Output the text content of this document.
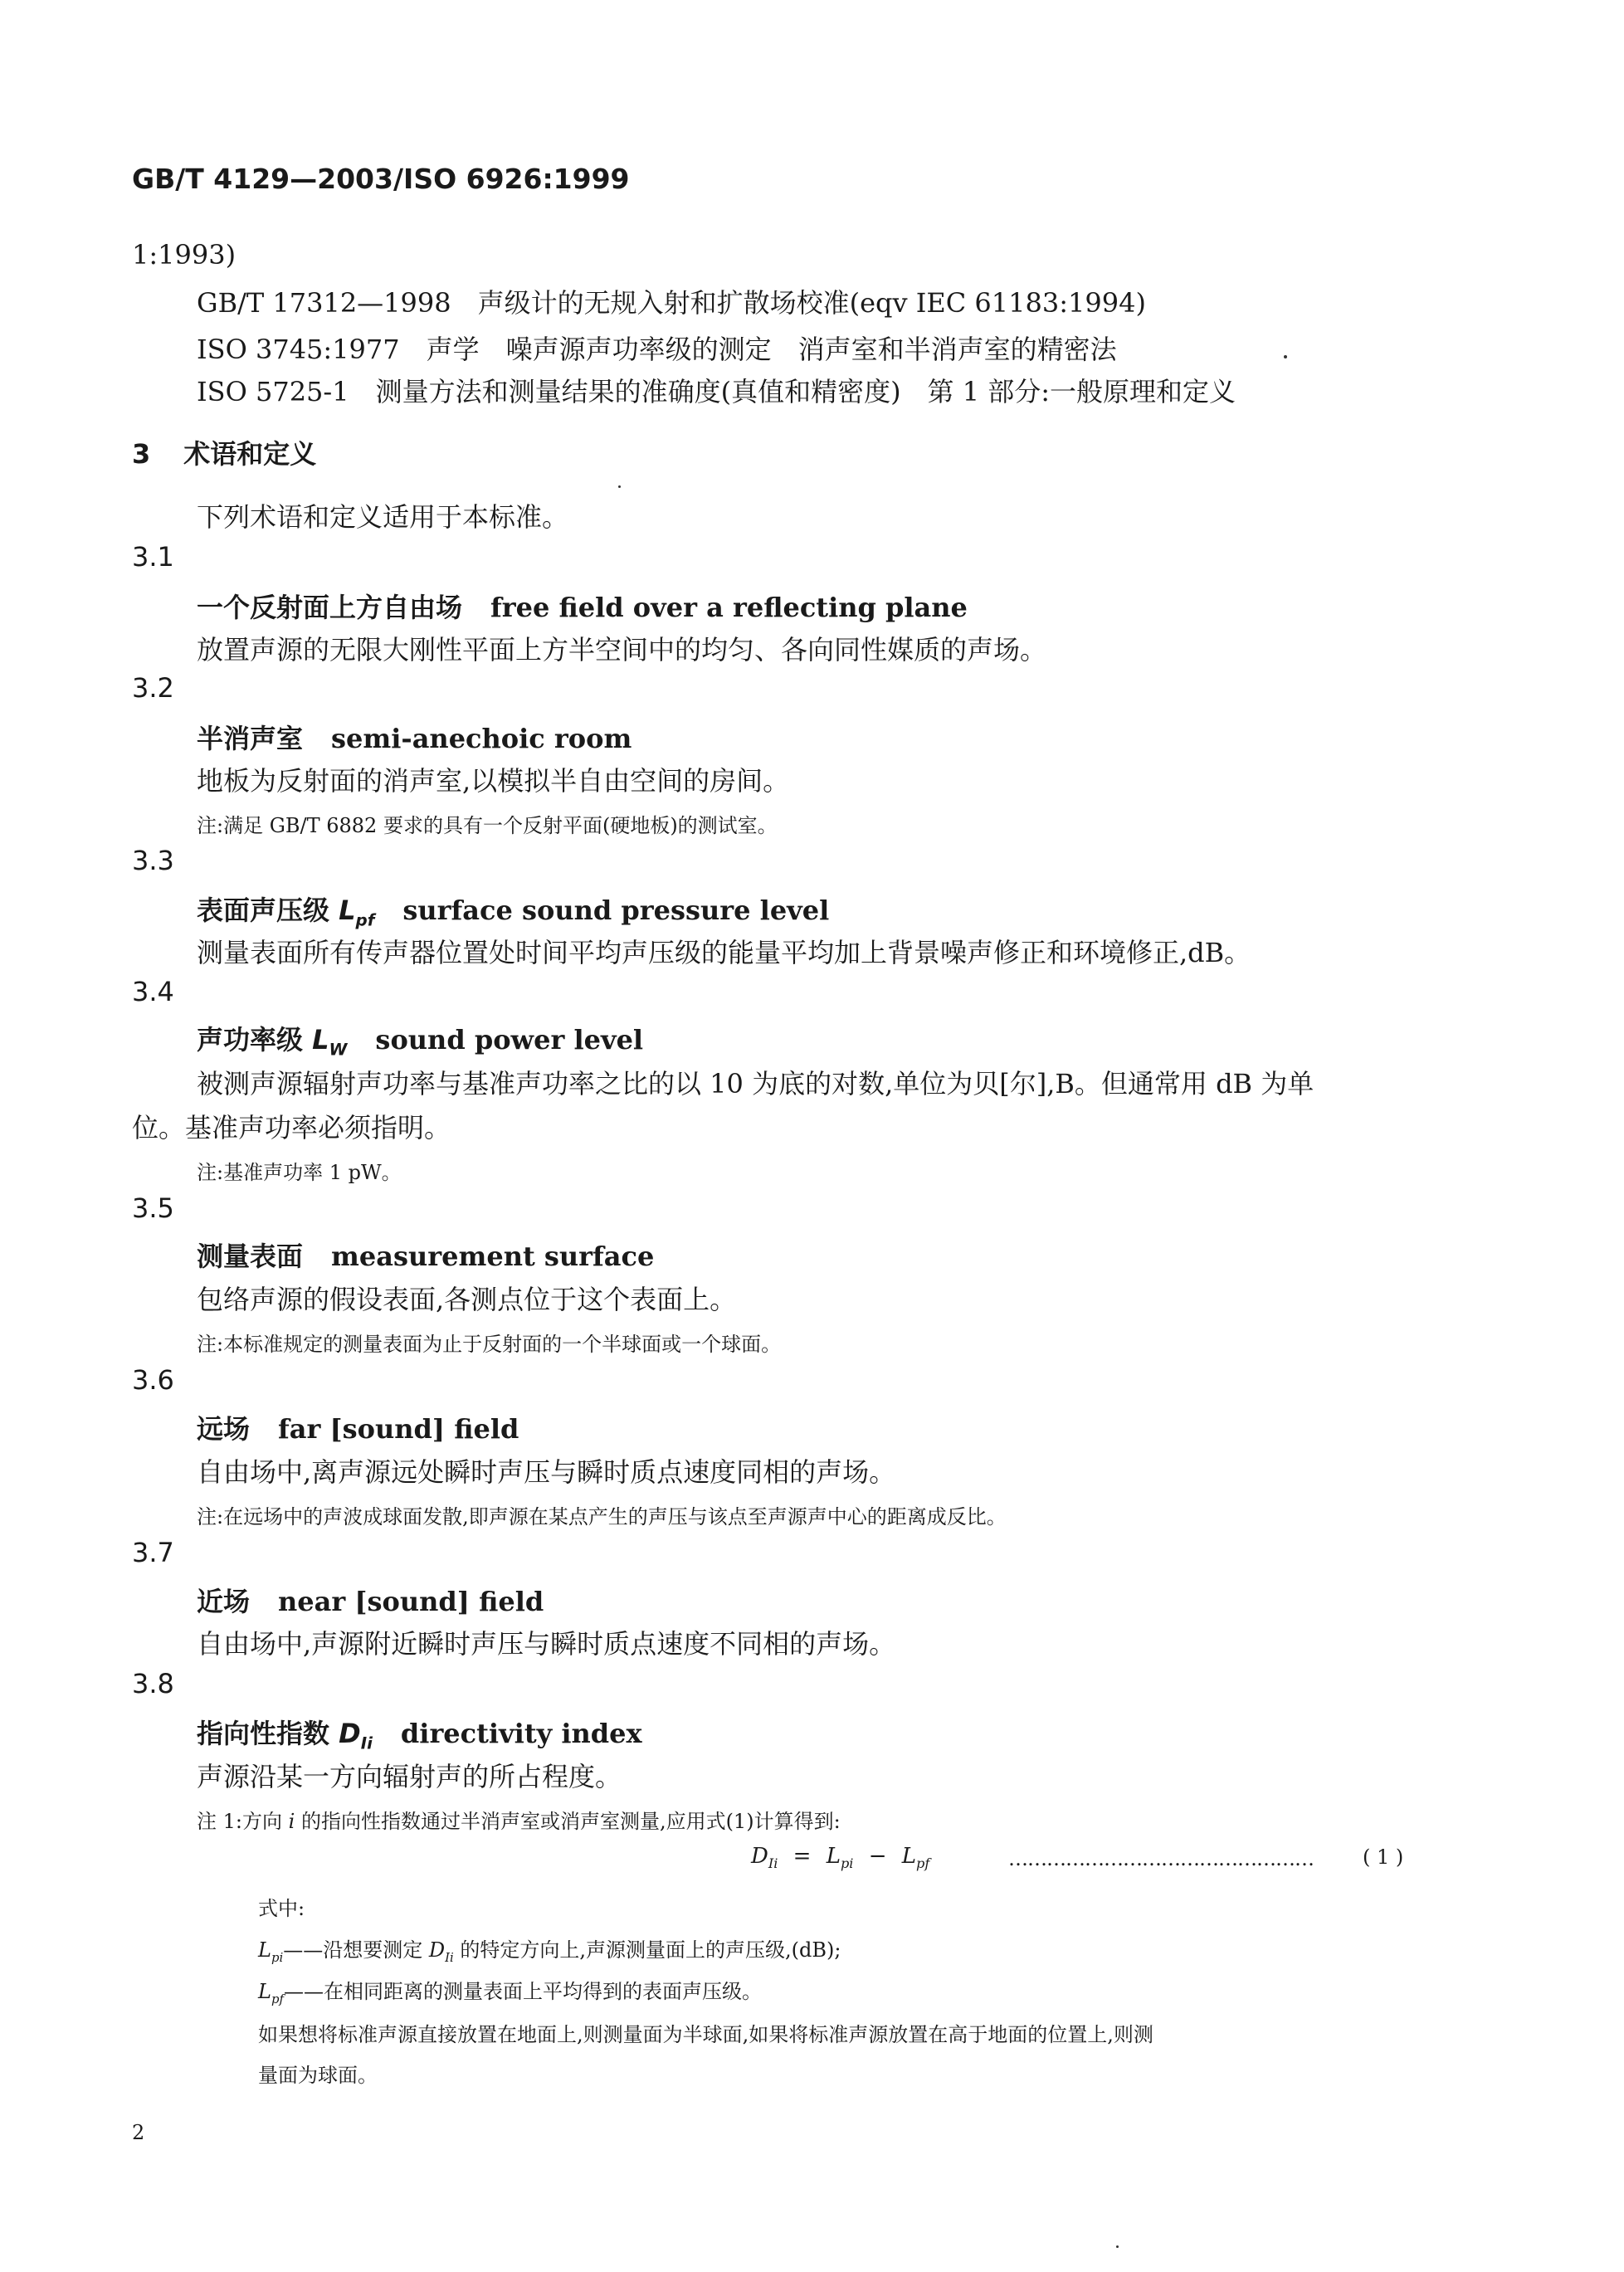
GB/T 4129—2003/ISO 6926:1999
1:1993)
GB/T 17312—1998　声级计的无规入射和扩散场校准(eqv IEC 61183:1994)
ISO 3745:1977　声学　噪声源声功率级的测定　消声室和半消声室的精密法
ISO 5725-1　测量方法和测量结果的准确度(真值和精密度)　第 1 部分:一般原理和定义
3 术语和定义
下列术语和定义适用于本标准。
3.1
一个反射面上方自由场 free field over a reflecting plane
放置声源的无限大刚性平面上方半空间中的均匀、各向同性媒质的声场。
3.2
半消声室 semi-anechoic room
地板为反射面的消声室,以模拟半自由空间的房间。
注:满足 GB/T 6882 要求的具有一个反射平面(硬地板)的测试室。
3.3
表面声压级 $L_{pf}$ surface sound pressure level
测量表面所有传声器位置处时间平均声压级的能量平均加上背景噪声修正和环境修正,dB。
3.4
声功率级 $L_W$ sound power level
被测声源辐射声功率与基准声功率之比的以 10 为底的对数,单位为贝[尔],B。但通常用 dB 为单
位。基准声功率必须指明。
注:基准声功率 1 pW。
3.5
测量表面 measurement surface
包络声源的假设表面,各测点位于这个表面上。
注:本标准规定的测量表面为止于反射面的一个半球面或一个球面。
3.6
远场 far [sound] field
自由场中,离声源远处瞬时声压与瞬时质点速度同相的声场。
注:在远场中的声波成球面发散,即声源在某点产生的声压与该点至声源声中心的距离成反比。
3.7
近场 near [sound] field
自由场中,声源附近瞬时声压与瞬时质点速度不同相的声场。
3.8
指向性指数 $D_{Ii}$ directivity index
声源沿某一方向辐射声的所占程度。
注 1:方向 i 的指向性指数通过半消声室或消声室测量,应用式(1)计算得到:
$D_{Ii} = L_{pi} - L_{pf}$	………………………………………… ( 1 )
式中:
$L_{pi}——$沿想要测定 $D_{Ii}$ 的特定方向上,声源测量面上的声压级,(dB);
$L_{pf}——$在相同距离的测量表面上平均得到的表面声压级。
如果想将标准声源直接放置在地面上,则测量面为半球面,如果将标准声源放置在高于地面的位置上,则测
量面为球面。
2
